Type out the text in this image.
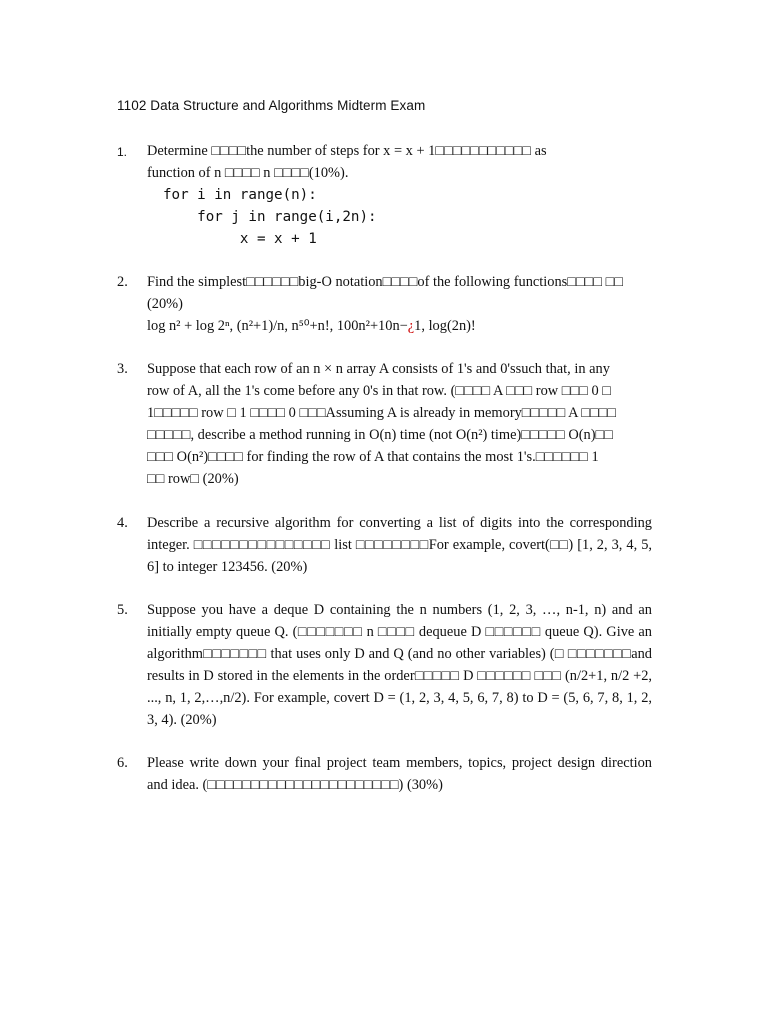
1102 Data Structure and Algorithms Midterm Exam
1.	Determine □□□□the number of steps for x = x + 1□□□□□□□□□□□ as
function of n □□□□ n □□□□(10%).
for i in range(n):
for j in range(i,2n):
x = x + 1
2.	Find the simplest□□□□□□big-O notation□□□□of the following functions□□□□ □□ (20%)
log n² + log 2ⁿ, (n²+1)/n, n⁵⁰+n!, 100n²+10n−¿1, log(2n)!
3.	Suppose that each row of an n × n array A consists of 1's and 0'ssuch that, in any
row of A, all the 1's come before any 0's in that row. (□□□□ A □□□ row □□□ 0 □
1□□□□□ row □ 1 □□□□ 0 □□□Assuming A is already in memory□□□□□ A □□□□
□□□□□, describe a method running in O(n) time (not O(n²) time)□□□□□ O(n)□□
□□□ O(n²)□□□□ for finding the row of A that contains the most 1's.□□□□□□ 1
□□ row□ (20%)
4.	Describe a recursive algorithm for converting a list of digits into the corresponding integer. □□□□□□□□□□□□□□□ list □□□□□□□□For example, covert(□□) [1, 2, 3, 4, 5, 6] to integer 123456. (20%)
5.	Suppose you have a deque D containing the n numbers (1, 2, 3, …, n-1, n) and an initially empty queue Q. (□□□□□□□ n □□□□ dequeue D □□□□□□ queue Q). Give an algorithm□□□□□□□ that uses only D and Q (and no other variables) (□ □□□□□□□and results in D stored in the elements in the order□□□□□ D □□□□□□ □□□ (n/2+1, n/2 +2, ..., n, 1, 2,…,n/2). For example, covert D = (1, 2, 3, 4, 5, 6, 7, 8) to D = (5, 6, 7, 8, 1, 2, 3, 4). (20%)
6.	Please write down your final project team members, topics, project design direction and idea. (□□□□□□□□□□□□□□□□□□□□□□) (30%)
